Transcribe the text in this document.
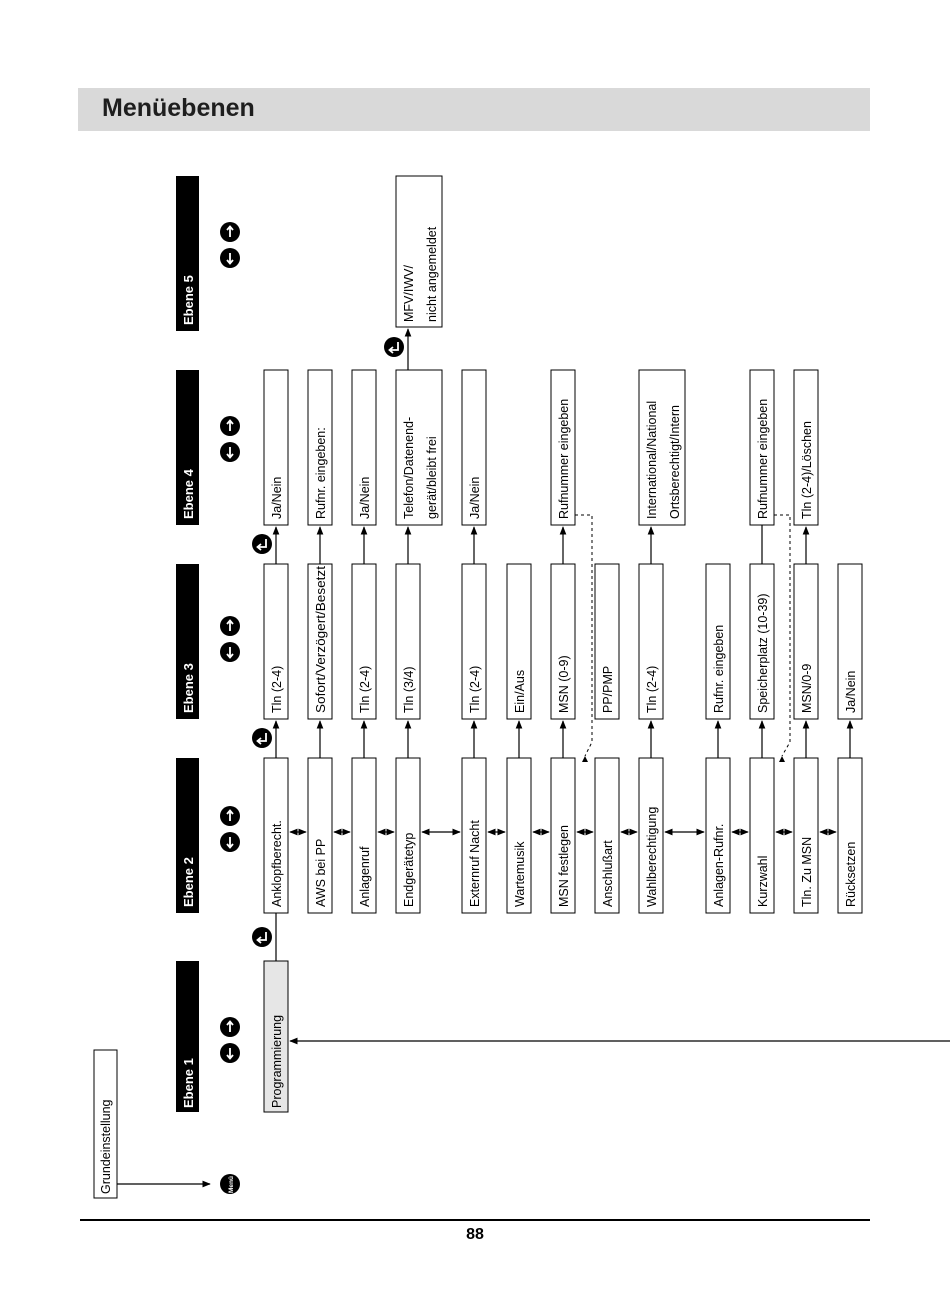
Menüebenen
Ebene 1
Ebene 2
Ebene 3
Ebene 4
Ebene 5
Grundeinstellung	Menü
Programmierung
Anklopfberecht. AWS bei PP Anlagenruf Endgerätetyp	Externruf Nacht Wartemusik MSN festlegen Anschlußart Wahlberechtigung	Anlagen-Rufnr. Kurzwahl Tln. Zu MSN Rücksetzen
Tln (2-4) Sofort/Verzögert/Besetzt Tln (2-4) Tln (3/4)	Tln (2-4) Ein/Aus MSN (0-9) PP/PMP Tln (2-4)	Rufnr. eingeben Speicherplatz (10-39) MSN/0-9 Ja/Nein
Ja/Nein Rufnr. eingeben: Ja/Nein Telefon/Datenend- gerät/bleibt frei Ja/Nein	Rufnummer eingeben	International/National Ortsberechtigt/Intern	Rufnummer eingeben Tln (2-4)/Löschen
MFV/IWV/ nicht angemeldet
88
